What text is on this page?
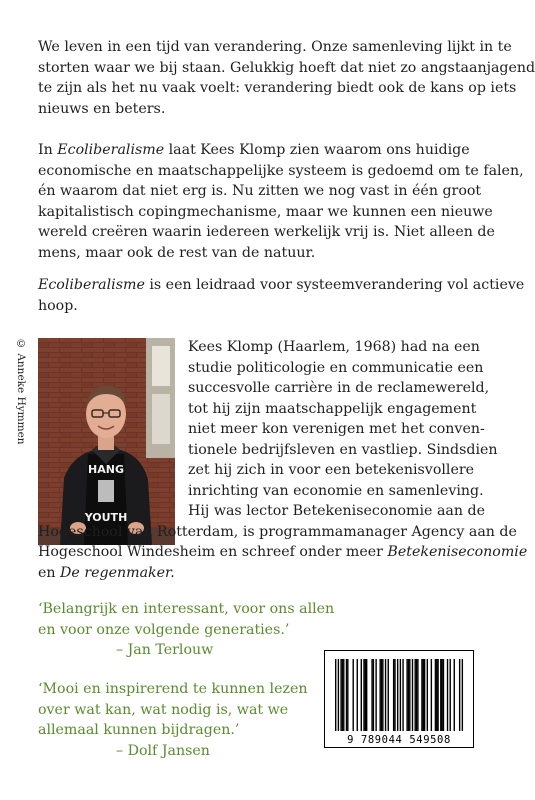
We leven in een tijd van verandering. Onze samenleving lijkt in te
storten waar we bij staan. Gelukkig hoeft dat niet zo angstaanjagend
te zijn als het nu vaak voelt: verandering biedt ook de kans op iets
nieuws en beters.

In Ecoliberalisme laat Kees Klomp zien waarom ons huidige
economische en maatschappelijke systeem is gedoemd om te falen,
én waarom dat niet erg is. Nu zitten we nog vast in één groot
kapitalistisch copingmechanisme, maar we kunnen een nieuwe
wereld creëren waarin iedereen werkelijk vrij is. Niet alleen de
mens, maar ook de rest van de natuur.

Ecoliberalisme is een leidraad voor systeemverandering vol actieve
hoop.

© Anneke Hymmen
HANG
YOUTH

Kees Klomp (Haarlem, 1968) had na een
studie politicologie en communicatie een
succesvolle carrière in de reclamewereld,
tot hij zijn maatschappelijk engagement
niet meer kon verenigen met het conven-
tionele bedrijfsleven en vastliep. Sindsdien
zet hij zich in voor een betekenisvollere
inrichting van economie en samenleving.

Hij was lector Betekeniseconomie aan de
Hogeschool van Rotterdam, is programmamanager Agency aan de
Hogeschool Windesheim en schreef onder meer Betekeniseconomie
en De regenmaker.

‘Belangrijk en interessant, voor ons allen
en voor onze volgende generaties.’
– Jan Terlouw

‘Mooi en inspirerend te kunnen lezen
over wat kan, wat nodig is, wat we
allemaal kunnen bijdragen.’
– Dolf Jansen

9 789044 549508
